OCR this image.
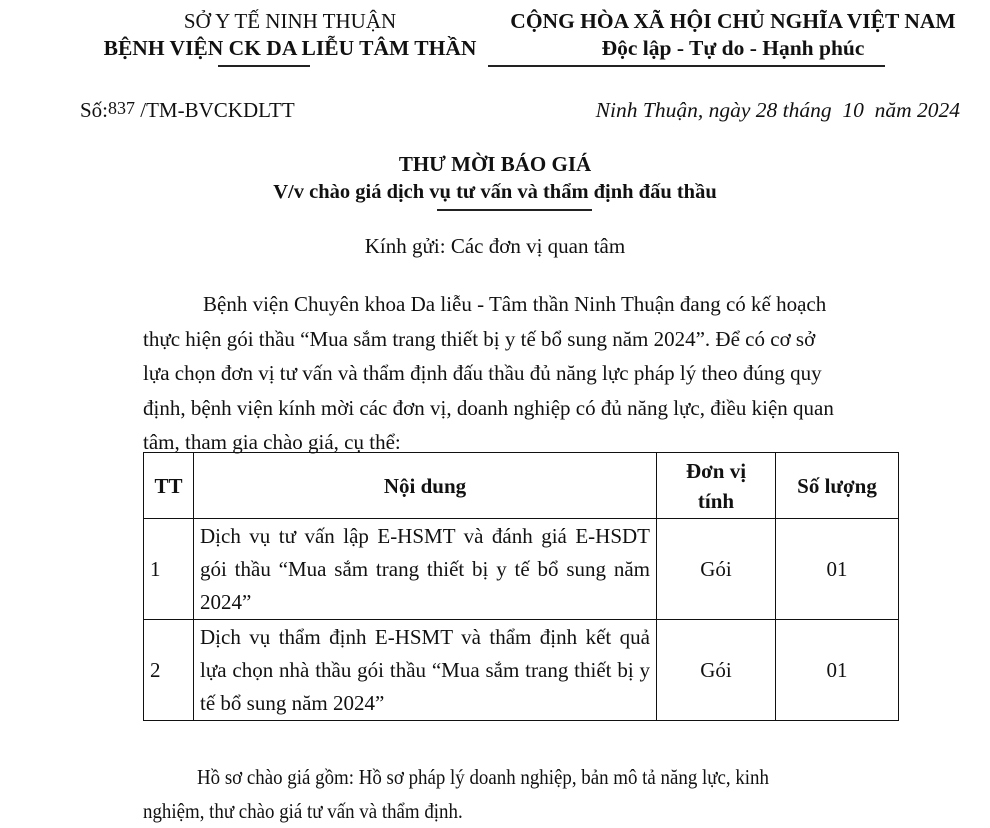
SỞ Y TẾ NINH THUẬN
BỆNH VIỆN CK DA LIỄU TÂM THẦN
CỘNG HÒA XÃ HỘI CHỦ NGHĨA VIỆT NAM
Độc lập - Tự do - Hạnh phúc
Số:837 /TM-BVCKDLTT	Ninh Thuận, ngày 28 tháng  10  năm 2024
THƯ MỜI BÁO GIÁ
V/v chào giá dịch vụ tư vấn và thẩm định đấu thầu
Kính gửi: Các đơn vị quan tâm
Bệnh viện Chuyên khoa Da liễu - Tâm thần Ninh Thuận đang có kế hoạch
thực hiện gói thầu “Mua sắm trang thiết bị y tế bổ sung năm 2024”. Để có cơ sở
lựa chọn đơn vị tư vấn và thẩm định đấu thầu đủ năng lực pháp lý theo đúng quy
định, bệnh viện kính mời các đơn vị, doanh nghiệp có đủ năng lực, điều kiện quan
tâm, tham gia chào giá, cụ thể:
TT	Nội dung	Đơn vị tính	Số lượng
1	Dịch vụ tư vấn lập E-HSMT và đánh giá E-HSDT gói thầu “Mua sắm trang thiết bị y tế bổ sung năm 2024”	Gói	01
2	Dịch vụ thẩm định E-HSMT và thẩm định kết quả lựa chọn nhà thầu gói thầu “Mua sắm trang thiết bị y tế bổ sung năm 2024”	Gói	01
Hồ sơ chào giá gồm: Hồ sơ pháp lý doanh nghiệp, bản mô tả năng lực, kinh
nghiệm, thư chào giá tư vấn và thẩm định.
